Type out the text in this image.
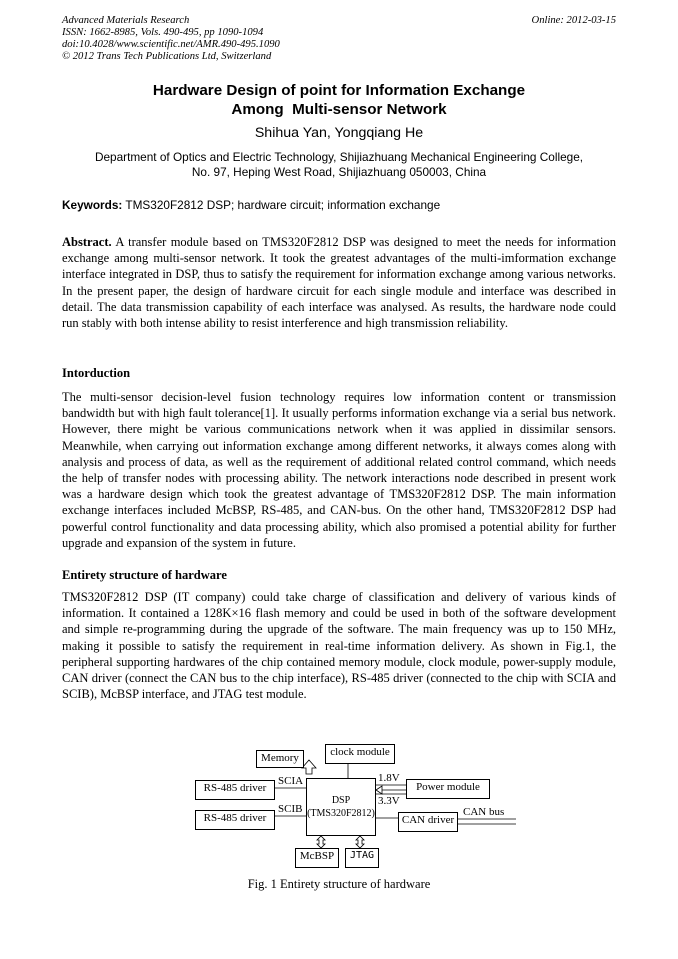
Advanced Materials Research
ISSN: 1662-8985, Vols. 490-495, pp 1090-1094
doi:10.4028/www.scientific.net/AMR.490-495.1090
© 2012 Trans Tech Publications Ltd, Switzerland
Online: 2012-03-15
Hardware Design of point for Information Exchange
Among  Multi-sensor Network
Shihua Yan, Yongqiang He
Department of Optics and Electric Technology, Shijiazhuang Mechanical Engineering College,
No. 97, Heping West Road, Shijiazhuang 050003, China
Keywords: TMS320F2812 DSP; hardware circuit; information exchange
Abstract. A transfer module based on TMS320F2812 DSP was designed to meet the needs for information exchange among multi-sensor network. It took the greatest advantages of the multi-imformation exchange interface integrated in DSP, thus to satisfy the requirement for information exchange among various networks. In the present paper, the design of hardware circuit for each single module and interface was described in detail. The data transmission capability of each interface was analysed. As results, the hardware node could run stably with both intense ability to resist interference and high transmission reliability.
Intorduction
The multi-sensor decision-level fusion technology requires low information content or transmission bandwidth but with high fault tolerance[1]. It usually performs information exchange via a serial bus network. However, there might be various communications network when it was applied in dissimilar sensors. Meanwhile, when carrying out information exchange among different networks, it always comes along with analysis and process of data, as well as the requirement of additional related control command, which needs the help of transfer nodes with processing ability. The network interactions node described in present work was a hardware design which took the greatest advantage of TMS320F2812 DSP. The main information exchange interfaces included McBSP, RS-485, and CAN-bus. On the other hand, TMS320F2812 DSP had powerful control functionality and data processing ability, which also promised a potential ability for further upgrade and expansion of the system in future.
Entirety structure of hardware
TMS320F2812 DSP (IT company) could take charge of classification and delivery of various kinds of information. It contained a 128K×16 flash memory and could be used in both of the software development and simple re-programming during the upgrade of the software. The main frequency was up to 150 MHz, making it possible to satisfy the requirement in real-time information delivery. As shown in Fig.1, the peripheral supporting hardwares of the chip contained memory module, clock module, power-supply module, CAN driver (connect the CAN bus to the chip interface), RS-485 driver (connected to the chip with SCIA and SCIB), McBSP interface, and JTAG test module.
Memory	clock module
RS-485 driver
RS-485 driver
SCIA
SCIB
DSP
(TMS320F2812)
1.8V
3.3V
Power module
CAN driver
CAN bus
McBSP	JTAG
Fig. 1 Entirety structure of hardware
